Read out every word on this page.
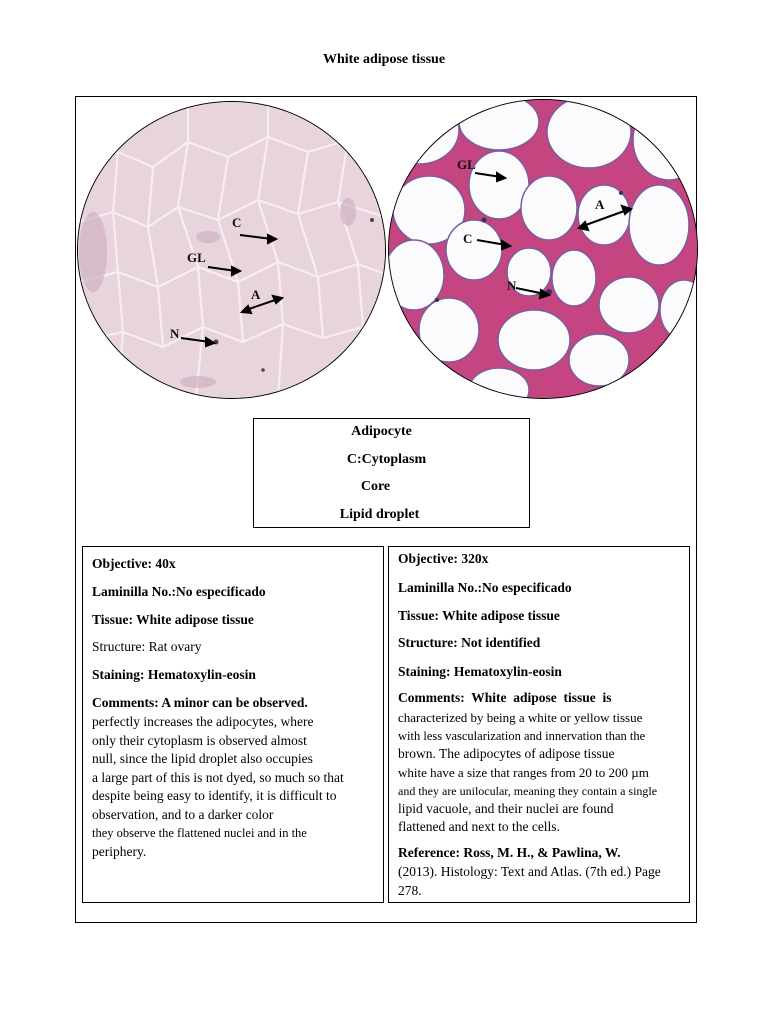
White adipose tissue
C
GL
A
N
GL
A
C
N
Adipocyte
C:Cytoplasm
Core
Lipid droplet
Objective: 40x
Laminilla No.:No especificado
Tissue: White adipose tissue
Structure: Rat ovary
Staining: Hematoxylin-eosin
Comments: A minor can be observed.
perfectly increases the adipocytes, where
only their cytoplasm is observed almost
null, since the lipid droplet also occupies
a large part of this is not dyed, so much so that
despite being easy to identify, it is difficult to
observation, and to a darker color
they observe the flattened nuclei and in the
periphery.
Objective: 320x
Laminilla No.:No especificado
Tissue: White adipose tissue
Structure: Not identified
Staining: Hematoxylin-eosin
Comments:  White  adipose  tissue  is
characterized by being a white or yellow tissue
with less vascularization and innervation than the
brown. The adipocytes of adipose tissue
white have a size that ranges from 20 to 200 µm
and they are unilocular, meaning they contain a single
lipid vacuole, and their nuclei are found
flattened and next to the cells.
Reference: Ross, M. H., & Pawlina, W.
(2013). Histology: Text and Atlas. (7th ed.) Page
278.
